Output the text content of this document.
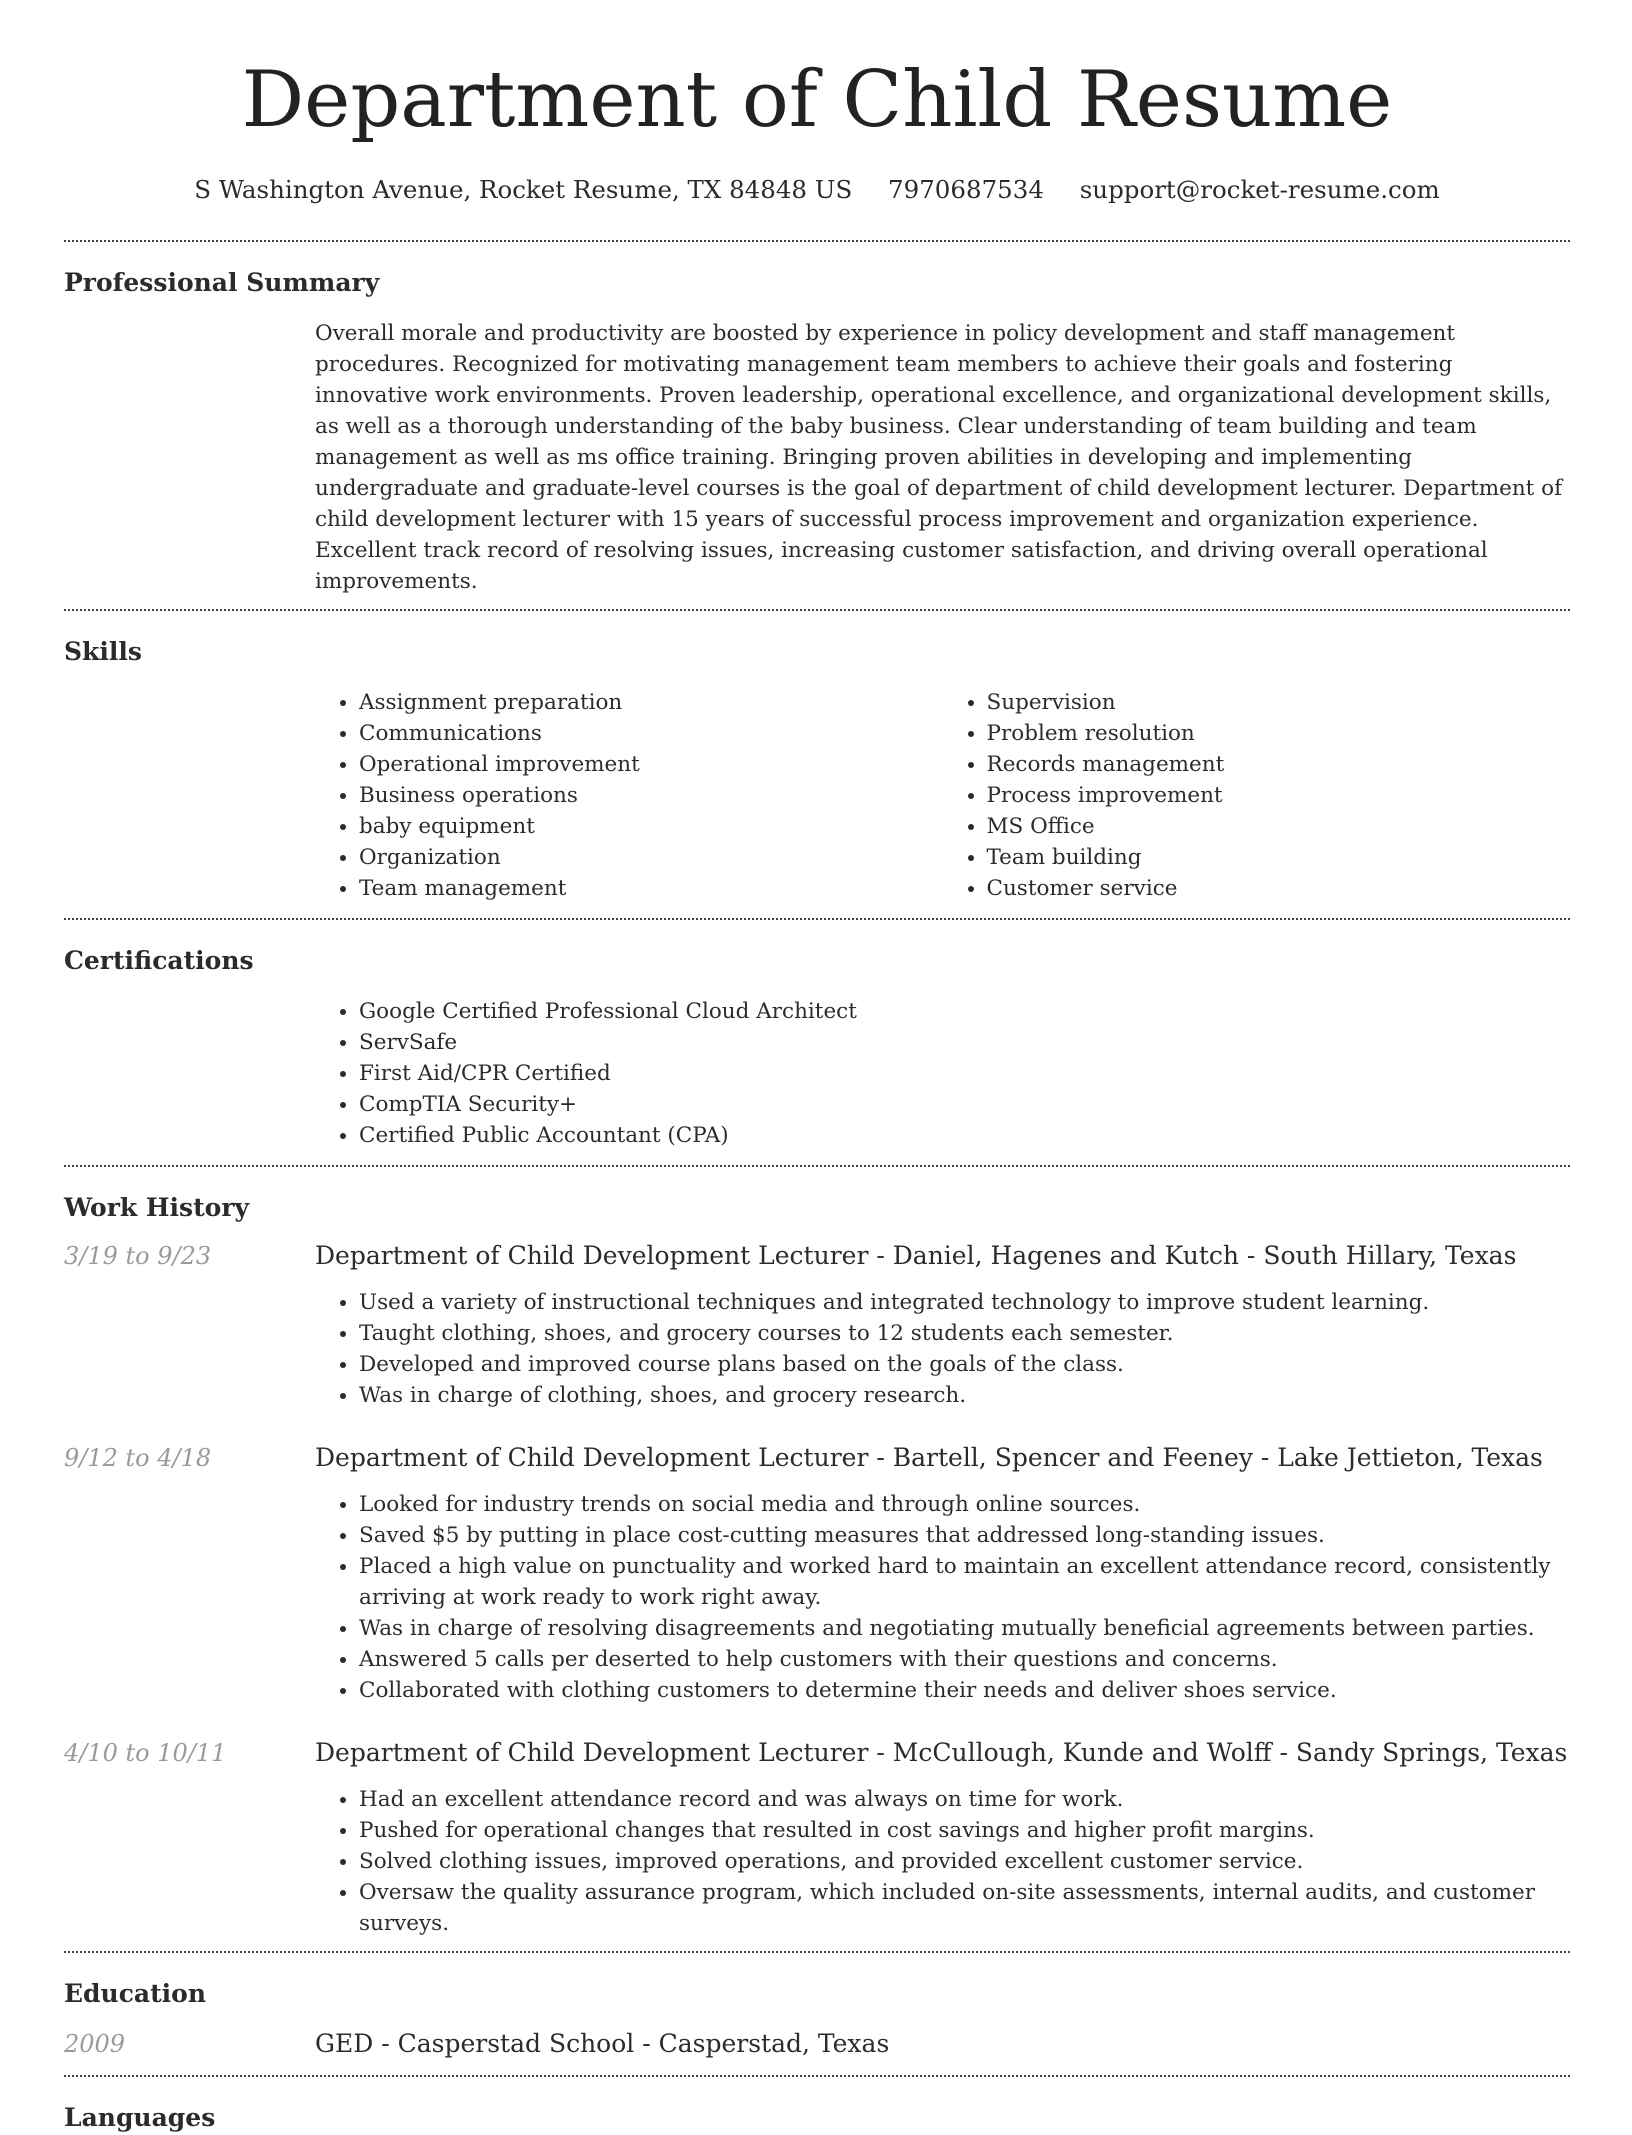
Department of Child Resume
S Washington Avenue, Rocket Resume, TX 84848 US 7970687534 support@rocket-resume.com
Professional Summary

Overall morale and productivity are boosted by experience in policy development and staff management procedures. Recognized for motivating management team members to achieve their goals and fostering innovative work environments. Proven leadership, operational excellence, and organizational development skills, as well as a thorough understanding of the baby business. Clear understanding of team building and team management as well as ms office training. Bringing proven abilities in developing and implementing undergraduate and graduate-level courses is the goal of department of child development lecturer. Department of child development lecturer with 15 years of successful process improvement and organization experience. Excellent track record of resolving issues, increasing customer satisfaction, and driving overall operational improvements.

Skills
• Assignment preparation
• Communications
• Operational improvement
• Business operations
• baby equipment
• Organization
• Team management
• Supervision
• Problem resolution
• Records management
• Process improvement
• MS Office
• Team building
• Customer service
Certifications
• Google Certified Professional Cloud Architect
• ServSafe
• First Aid/CPR Certified
• CompTIA Security+
• Certified Public Accountant (CPA)
Work History
3/19 to 9/23	Department of Child Development Lecturer - Daniel, Hagenes and Kutch - South Hillary, Texas
• Used a variety of instructional techniques and integrated technology to improve student learning.
• Taught clothing, shoes, and grocery courses to 12 students each semester.
• Developed and improved course plans based on the goals of the class.
• Was in charge of clothing, shoes, and grocery research.
9/12 to 4/18	Department of Child Development Lecturer - Bartell, Spencer and Feeney - Lake Jettieton, Texas
• Looked for industry trends on social media and through online sources.
• Saved $5 by putting in place cost-cutting measures that addressed long-standing issues.
• Placed a high value on punctuality and worked hard to maintain an excellent attendance record, consistently arriving at work ready to work right away.
• Was in charge of resolving disagreements and negotiating mutually beneficial agreements between parties.
• Answered 5 calls per deserted to help customers with their questions and concerns.
• Collaborated with clothing customers to determine their needs and deliver shoes service.
4/10 to 10/11	Department of Child Development Lecturer - McCullough, Kunde and Wolff - Sandy Springs, Texas
• Had an excellent attendance record and was always on time for work.
• Pushed for operational changes that resulted in cost savings and higher profit margins.
• Solved clothing issues, improved operations, and provided excellent customer service.
• Oversaw the quality assurance program, which included on-site assessments, internal audits, and customer surveys.
Education
2009	GED - Casperstad School - Casperstad, Texas
Languages
